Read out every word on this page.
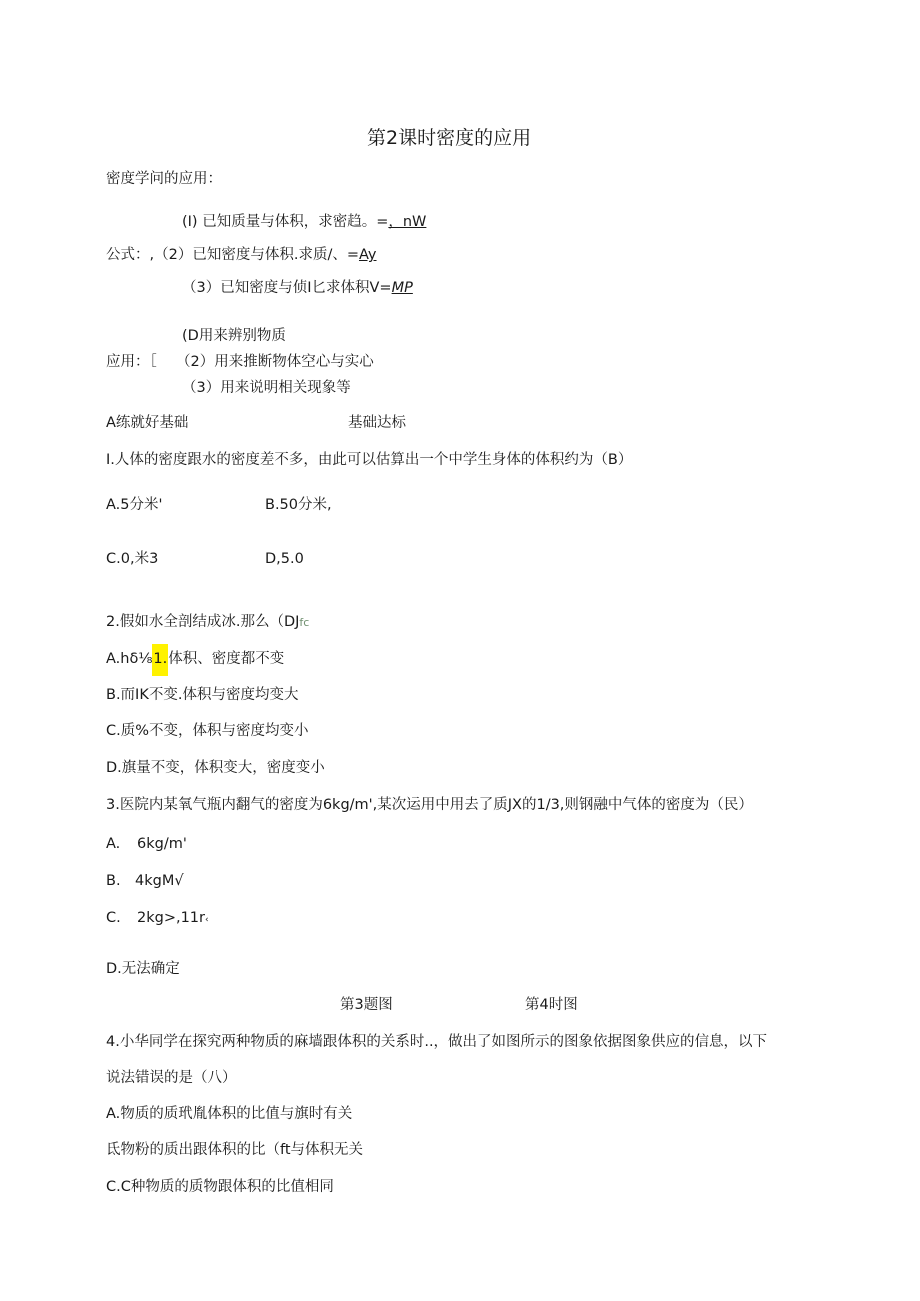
第2课时密度的应用
密度学问的应用：
(I) 已知质量与体积，求密趋。=，nW
公式：,（2）已知密度与体积.求质/、=Ay
（3）已知密度与侦I匕求体积V=MP
(D用来辨别物质
应用：［ （2）用来推断物体空心与实心
（3）用来说明相关现象等
A练就好基础	基础达标
I.人体的密度跟水的密度差不多，由此可以估算出一个中学生身体的体积约为（B）
A.5分米'	B.50分米,
C.0,米3	D,5.0
2.假如水全剖结成冰.那么（DJfc
A.hδ⅛1.体积、密度都不变
B.而IK不变.体积与密度均变大
C.质%不变，体积与密度均变小
D.旗量不变，体积变大，密度变小
3.医院内某氧气瓶内翻气的密度为6kg∕m',某次运用中用去了质JX的1/3,则钢融中气体的密度为（民）
A. 6kg∕m'
B. 4kgM√
C. 2kg>,11r‹
D.无法确定
第3题图	第4时图
4.小华同学在探究两种物质的麻墙跟体积的关系时..，做出了如图所示的图象依据图象供应的信息，以下
说法错误的是（八）
A.物质的质玳胤体积的比值与旗时有关
氐物粉的质出跟体积的比（ft与体积无关
C.C种物质的质物跟体积的比值相同
